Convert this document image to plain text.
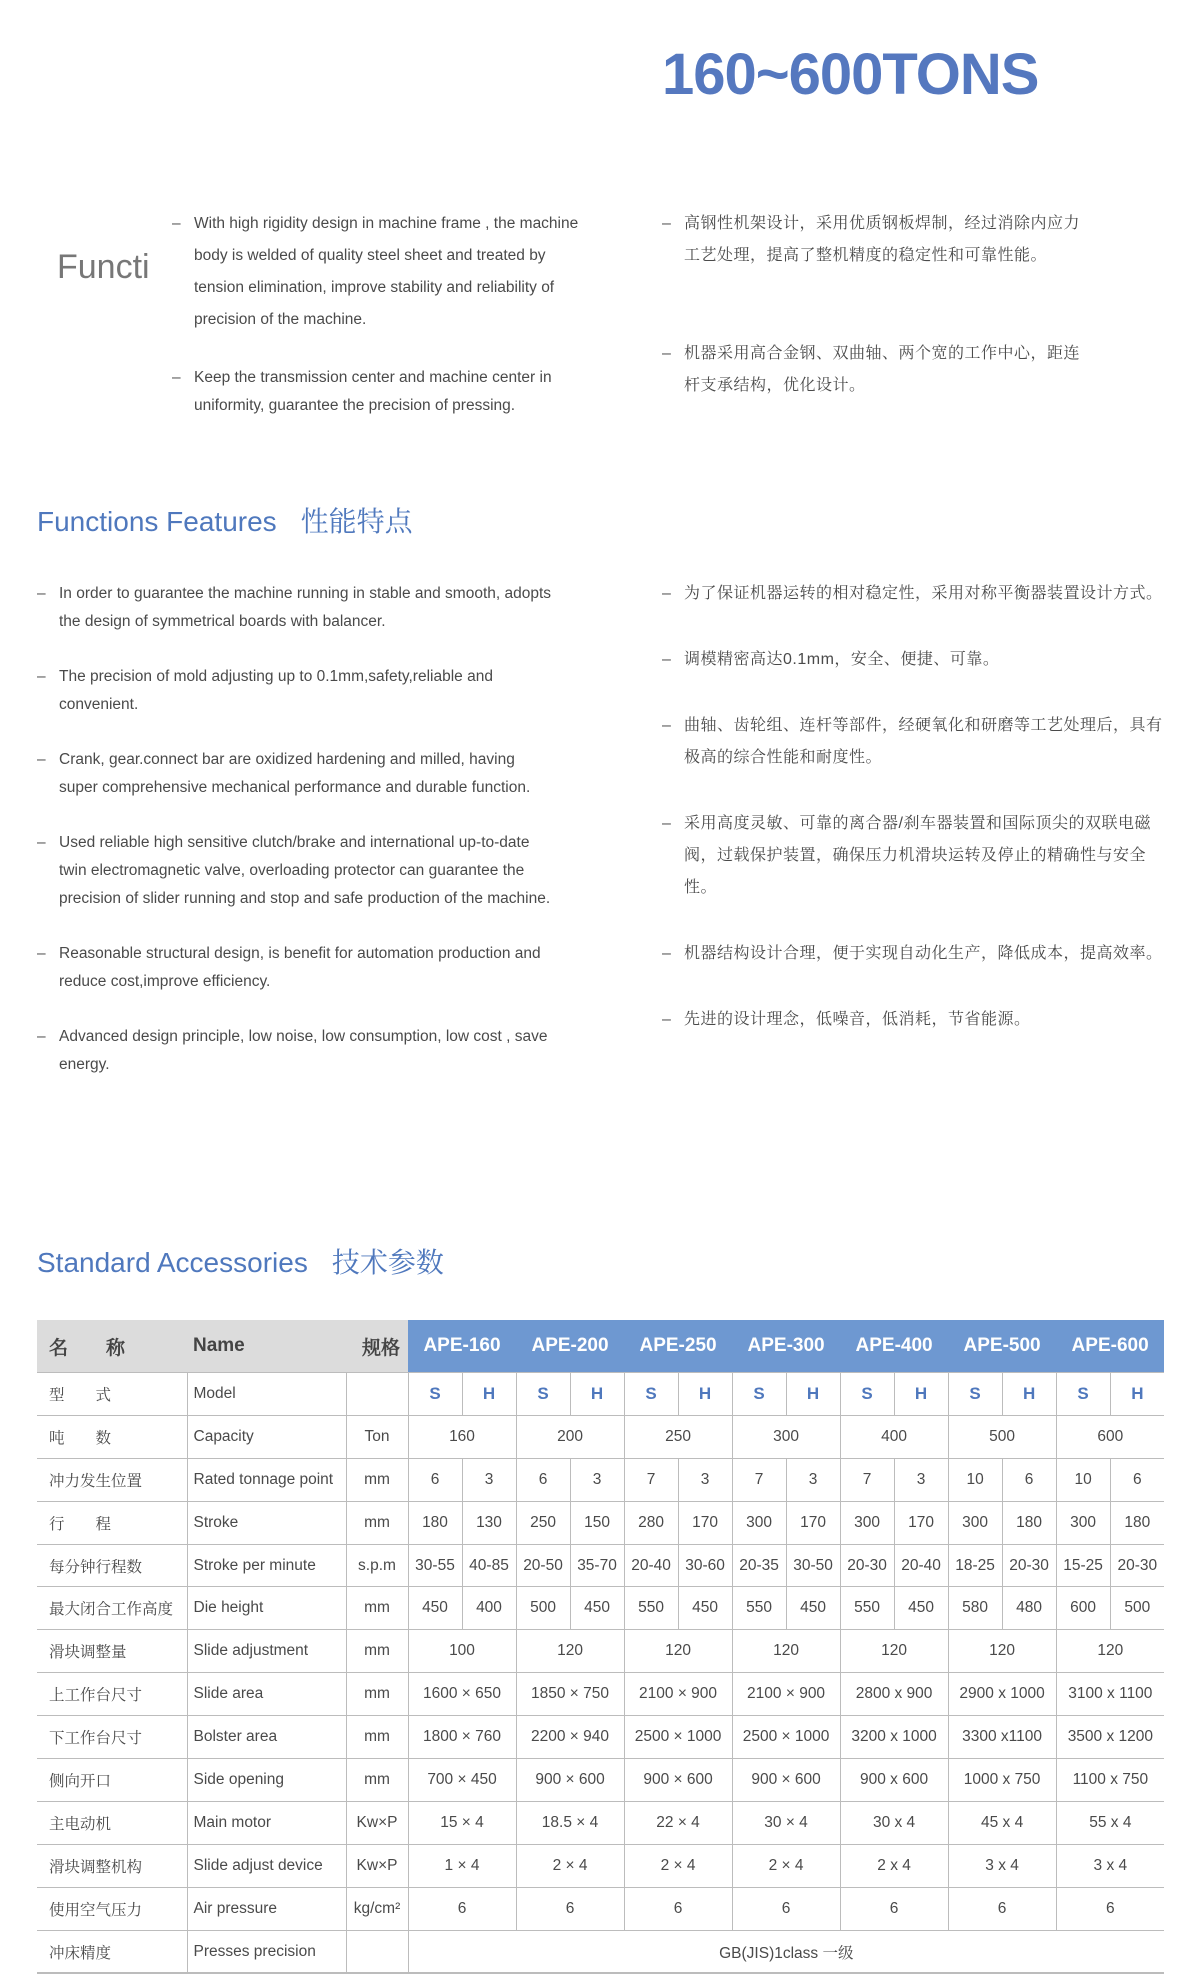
160~600TONS
Functi
– With high rigidity design in machine frame , the machine body is welded of quality steel sheet and treated by tension elimination, improve stability and reliability of precision of the machine.
– Keep the transmission center and machine center in uniformity, guarantee the precision of pressing.
– 高钢性机架设计，采用优质钢板焊制，经过消除内应力工艺处理，提高了整机精度的稳定性和可靠性能。
– 机器采用高合金钢、双曲轴、两个宽的工作中心，距连杆支承结构，优化设计。
Functions Features 性能特点
– In order to guarantee the machine running in stable and smooth, adopts the design of symmetrical boards with balancer.
– The precision of mold adjusting up to 0.1mm,safety,reliable and convenient.
– Crank, gear.connect bar are oxidized hardening and milled, having super comprehensive mechanical performance and durable function.
– Used reliable high sensitive clutch/brake and international up-to-date twin electromagnetic valve, overloading protector can guarantee the precision of slider running and stop and safe production of the machine.
– Reasonable structural design, is benefit for automation production and reduce cost,improve efficiency.
– Advanced design principle, low noise, low consumption, low cost , save energy.
– 为了保证机器运转的相对稳定性，采用对称平衡器装置设计方式。
– 调模精密高达0.1mm，安全、便捷、可靠。
– 曲轴、齿轮组、连杆等部件，经硬氧化和研磨等工艺处理后，具有极高的综合性能和耐度性。
– 采用高度灵敏、可靠的离合器/刹车器装置和国际顶尖的双联电磁阀，过载保护装置，确保压力机滑块运转及停止的精确性与安全性。
– 机器结构设计合理，便于实现自动化生产，降低成本，提高效率。
– 先进的设计理念，低噪音，低消耗，节省能源。
Standard Accessories 技术参数
名　　称	Name	规格	APE-160		APE-200		APE-250		APE-300		APE-400		APE-500		APE-600	
型　　式	Model		S	H	S	H	S	H	S	H	S	H	S	H	S	H
吨　　数	Capacity	Ton	160		200		250		300		400		500		600	
冲力发生位置	Rated tonnage point	mm	6	3	6	3	7	3	7	3	7	3	10	6	10	6
行　　程	Stroke	mm	180	130	250	150	280	170	300	170	300	170	300	180	300	180
每分钟行程数	Stroke per minute	s.p.m	30-55	40-85	20-50	35-70	20-40	30-60	20-35	30-50	20-30	20-40	18-25	20-30	15-25	20-30
最大闭合工作高度	Die height	mm	450	400	500	450	550	450	550	450	550	450	580	480	600	500
滑块调整量	Slide adjustment	mm	100		120		120		120		120		120		120	
上工作台尺寸	Slide area	mm	1600 × 650		1850 × 750		2100 × 900		2100 × 900		2800 x 900		2900 x 1000		3100 x 1100	
下工作台尺寸	Bolster area	mm	1800 × 760		2200 × 940		2500 × 1000		2500 × 1000		3200 x 1000		3300 x1100		3500 x 1200	
侧向开口	Side opening	mm	700 × 450		900 × 600		900 × 600		900 × 600		900 x 600		1000 x 750		1100 x 750	
主电动机	Main motor	Kw×P	15 × 4		18.5 × 4		22 × 4		30 × 4		30 x 4		45 x 4		55 x 4	
滑块调整机构	Slide adjust device	Kw×P	1 × 4		2 × 4		2 × 4		2 × 4		2 x 4		3 x 4		3 x 4	
使用空气压力	Air pressure	kg/cm²	6		6		6		6		6		6		6	
冲床精度	Presses precision		GB(JIS)1class 一级													
